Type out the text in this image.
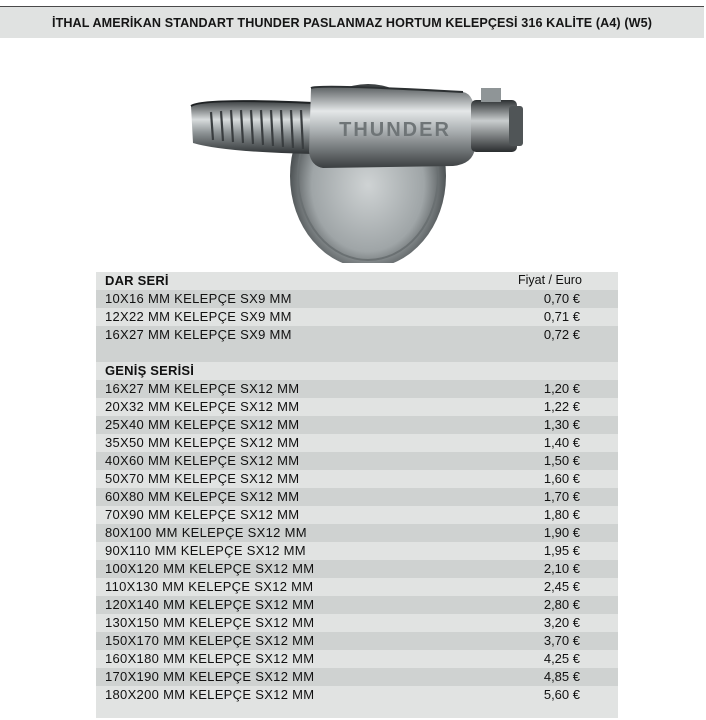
İTHAL AMERİKAN STANDART THUNDER PASLANMAZ HORTUM KELEPÇESİ 316 KALİTE (A4) (W5)
THUNDER
DAR SERİ	Fiyat / Euro
10X16 MM KELEPÇE SX9 MM	0,70 €
12X22 MM KELEPÇE SX9 MM	0,71 €
16X27 MM KELEPÇE SX9 MM	0,72 €
GENİŞ SERİSİ
16X27 MM KELEPÇE SX12 MM	1,20 €
20X32 MM KELEPÇE SX12 MM	1,22 €
25X40 MM KELEPÇE SX12 MM	1,30 €
35X50 MM KELEPÇE SX12 MM	1,40 €
40X60 MM KELEPÇE SX12 MM	1,50 €
50X70 MM KELEPÇE SX12 MM	1,60 €
60X80 MM KELEPÇE SX12 MM	1,70 €
70X90 MM KELEPÇE SX12 MM	1,80 €
80X100 MM KELEPÇE SX12 MM	1,90 €
90X110 MM KELEPÇE SX12 MM	1,95 €
100X120 MM KELEPÇE SX12 MM	2,10 €
110X130 MM KELEPÇE SX12 MM	2,45 €
120X140 MM KELEPÇE SX12 MM	2,80 €
130X150 MM KELEPÇE SX12 MM	3,20 €
150X170 MM KELEPÇE SX12 MM	3,70 €
160X180 MM KELEPÇE SX12 MM	4,25 €
170X190 MM KELEPÇE SX12 MM	4,85 €
180X200 MM KELEPÇE SX12 MM	5,60 €
